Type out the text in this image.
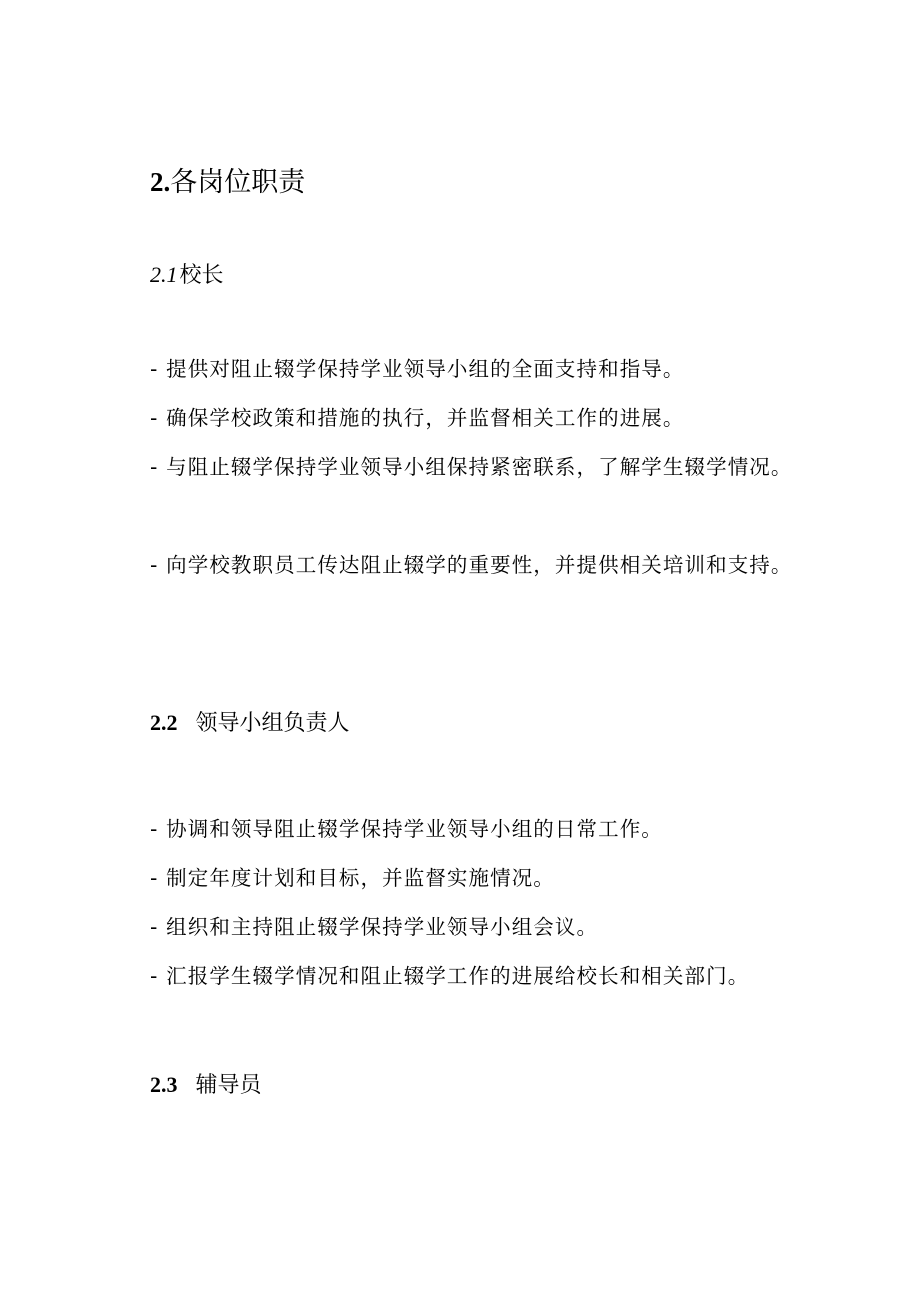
2.各岗位职责
2.1校长

- 提供对阻止辍学保持学业领导小组的全面支持和指导。

- 确保学校政策和措施的执行，并监督相关工作的进展。

- 与阻止辍学保持学业领导小组保持紧密联系，了解学生辍学情况。

- 向学校教职员工传达阻止辍学的重要性，并提供相关培训和支持。

2.2 领导小组负责人

- 协调和领导阻止辍学保持学业领导小组的日常工作。

- 制定年度计划和目标，并监督实施情况。

- 组织和主持阻止辍学保持学业领导小组会议。

- 汇报学生辍学情况和阻止辍学工作的进展给校长和相关部门。

2.3 辅导员
